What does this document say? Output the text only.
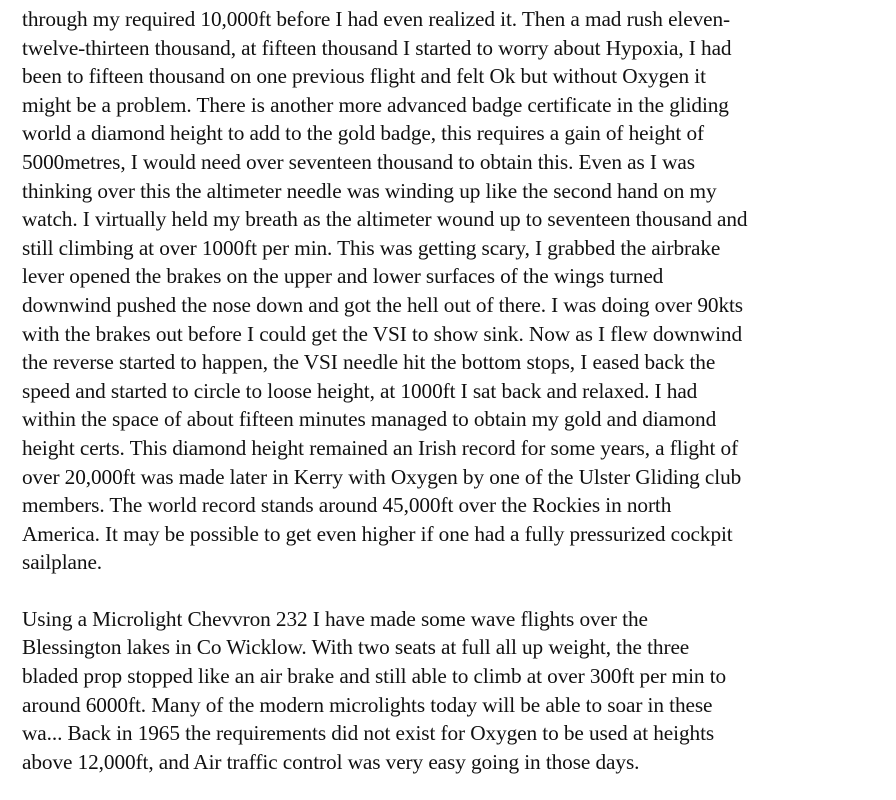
through my required 10,000ft before I had even realized it. Then a mad rush eleven-
twelve-thirteen thousand, at fifteen thousand I started to worry about Hypoxia, I had
been to fifteen thousand on one previous flight and felt Ok but without Oxygen it
might be a problem. There is another more advanced badge certificate in the gliding
world a diamond height to add to the gold badge, this requires a gain of height of
5000metres, I would need over seventeen thousand to obtain this. Even as I was
thinking over this the altimeter needle was winding up like the second hand on my
watch. I virtually held my breath as the altimeter wound up to seventeen thousand and
still climbing at over 1000ft per min. This was getting scary, I grabbed the airbrake
lever opened the brakes on the upper and lower surfaces of the wings turned
downwind pushed the nose down and got the hell out of there. I was doing over 90kts
with the brakes out before I could get the VSI to show sink. Now as I flew downwind
the reverse started to happen, the VSI needle hit the bottom stops, I eased back the
speed and started to circle to loose height, at 1000ft I sat back and relaxed. I had
within the space of about fifteen minutes managed to obtain my gold and diamond
height certs. This diamond height remained an Irish record for some years, a flight of
over 20,000ft was made later in Kerry with Oxygen by one of the Ulster Gliding club
members. The world record stands around 45,000ft over the Rockies in north
America. It may be possible to get even higher if one had a fully pressurized cockpit
sailplane.
Using a Microlight Chevvron 232 I have made some wave flights over the
Blessington lakes in Co Wicklow. With two seats at full all up weight, the three
bladed prop stopped like an air brake and still able to climb at over 300ft per min to
around 6000ft. Many of the modern microlights today will be able to soar in these
wa... Back in 1965 the requirements did not exist for Oxygen to be used at heights
above 12,000ft, and Air traffic control was very easy going in those days.
